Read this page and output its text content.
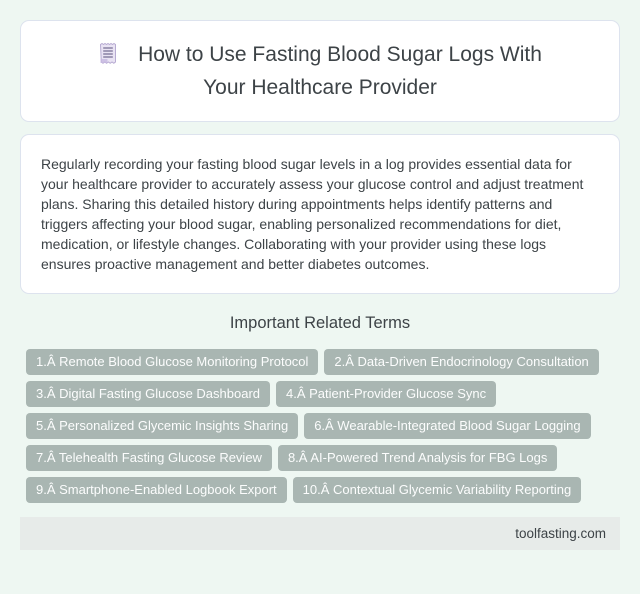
How to Use Fasting Blood Sugar Logs With Your Healthcare Provider

Regularly recording your fasting blood sugar levels in a log provides essential data for your healthcare provider to accurately assess your glucose control and adjust treatment plans. Sharing this detailed history during appointments helps identify patterns and triggers affecting your blood sugar, enabling personalized recommendations for diet, medication, or lifestyle changes. Collaborating with your provider using these logs ensures proactive management and better diabetes outcomes.

Important Related Terms
1.Â Remote Blood Glucose Monitoring Protocol	2.Â Data-Driven Endocrinology Consultation
3.Â Digital Fasting Glucose Dashboard	4.Â Patient-Provider Glucose Sync
5.Â Personalized Glycemic Insights Sharing	6.Â Wearable-Integrated Blood Sugar Logging
7.Â Telehealth Fasting Glucose Review	8.Â AI-Powered Trend Analysis for FBG Logs
9.Â Smartphone-Enabled Logbook Export	10.Â Contextual Glycemic Variability Reporting
toolfasting.com
